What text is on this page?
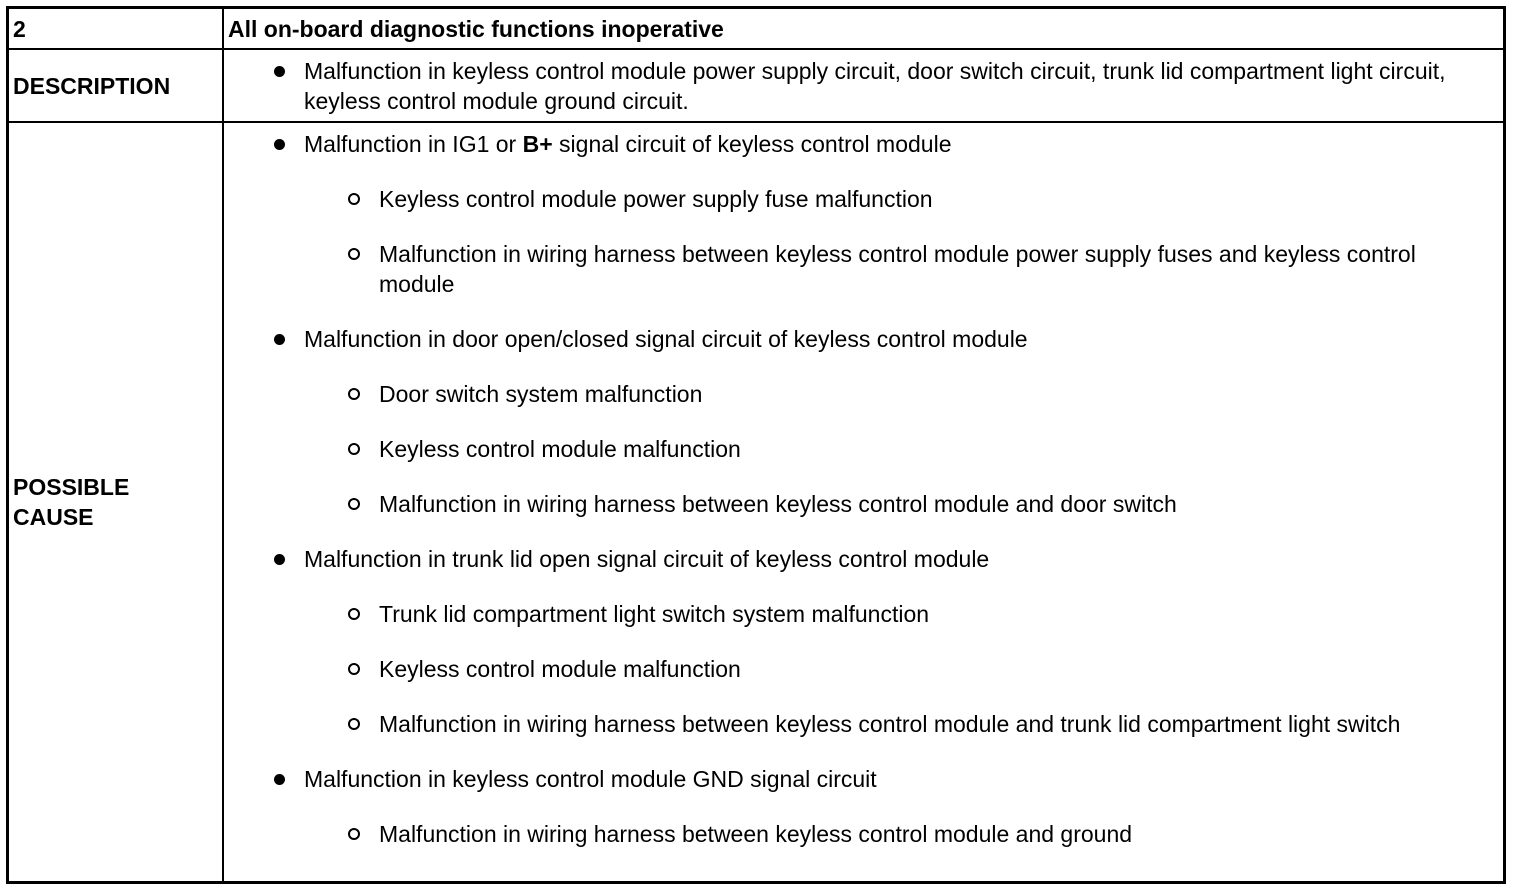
2	All on-board diagnostic functions inoperative
DESCRIPTION
Malfunction in keyless control module power supply circuit, door switch circuit, trunk lid compartment light circuit, keyless control module ground circuit.
POSSIBLE
CAUSE
Malfunction in IG1 or B+ signal circuit of keyless control module
Keyless control module power supply fuse malfunction
Malfunction in wiring harness between keyless control module power supply fuses and keyless control module
Malfunction in door open/closed signal circuit of keyless control module
Door switch system malfunction
Keyless control module malfunction
Malfunction in wiring harness between keyless control module and door switch
Malfunction in trunk lid open signal circuit of keyless control module
Trunk lid compartment light switch system malfunction
Keyless control module malfunction
Malfunction in wiring harness between keyless control module and trunk lid compartment light switch
Malfunction in keyless control module GND signal circuit
Malfunction in wiring harness between keyless control module and ground
